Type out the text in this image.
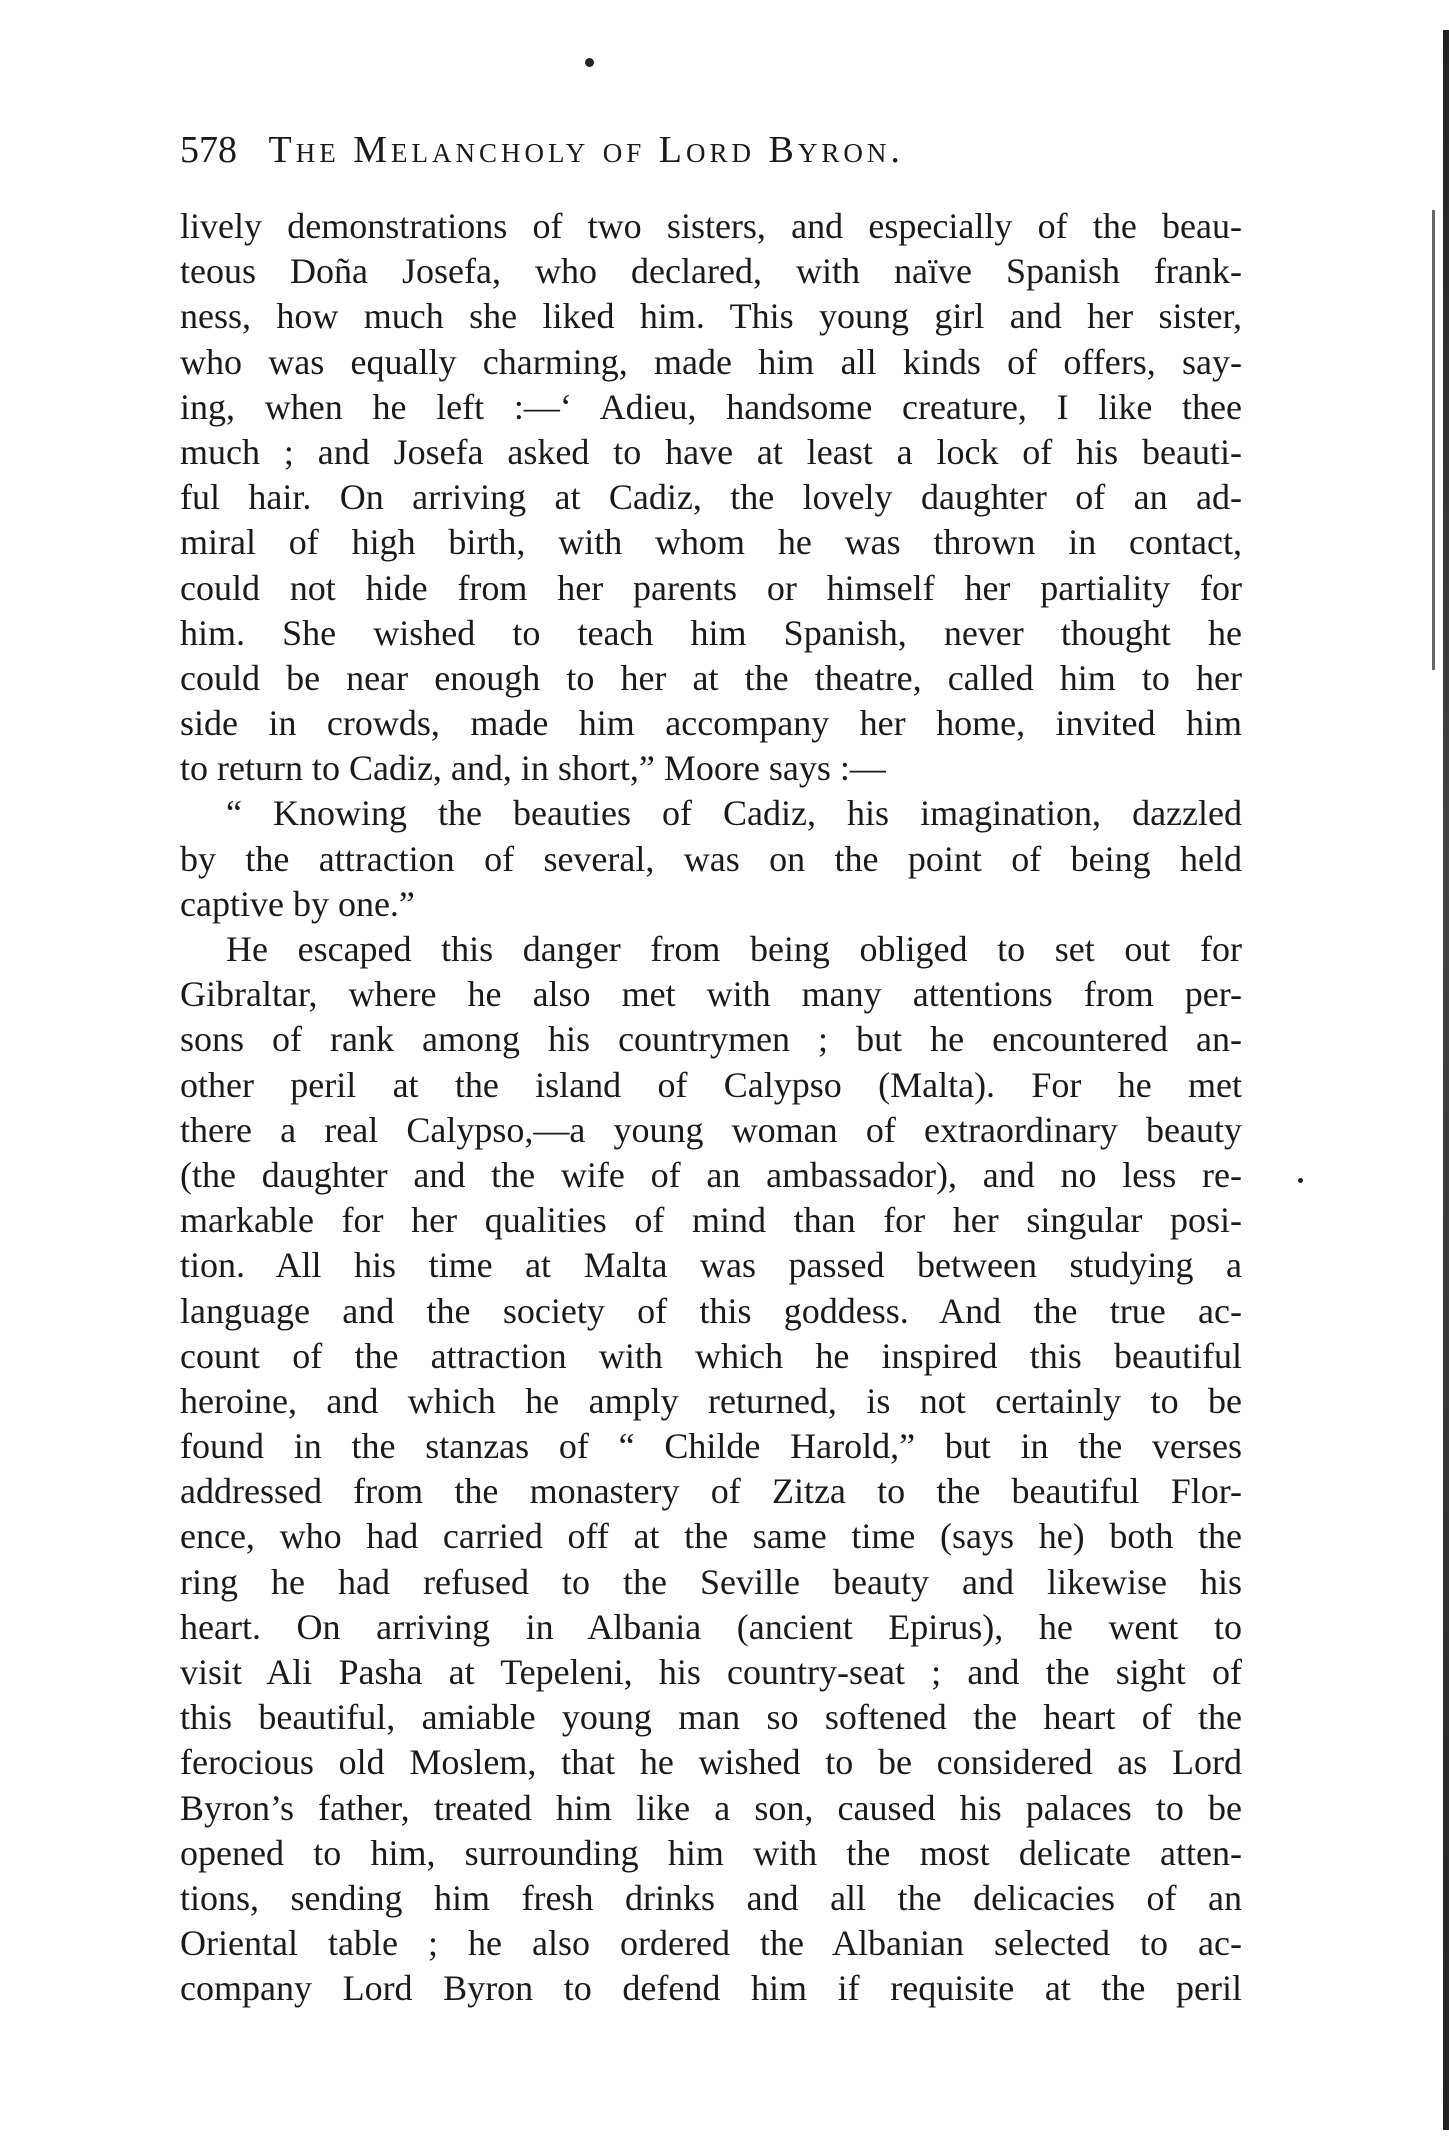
578 The Melancholy of Lord Byron.
lively demonstrations of two sisters, and especially of the beau-
teous Doña Josefa, who declared, with naïve Spanish frank-
ness, how much she liked him. This young girl and her sister,
who was equally charming, made him all kinds of offers, say-
ing, when he left :—‘ Adieu, handsome creature, I like thee
much ; and Josefa asked to have at least a lock of his beauti-
ful hair. On arriving at Cadiz, the lovely daughter of an ad-
miral of high birth, with whom he was thrown in contact,
could not hide from her parents or himself her partiality for
him. She wished to teach him Spanish, never thought he
could be near enough to her at the theatre, called him to her
side in crowds, made him accompany her home, invited him
to return to Cadiz, and, in short,” Moore says :—
“ Knowing the beauties of Cadiz, his imagination, dazzled
by the attraction of several, was on the point of being held
captive by one.”
He escaped this danger from being obliged to set out for
Gibraltar, where he also met with many attentions from per-
sons of rank among his countrymen ; but he encountered an-
other peril at the island of Calypso (Malta). For he met
there a real Calypso,—a young woman of extraordinary beauty
(the daughter and the wife of an ambassador), and no less re-
markable for her qualities of mind than for her singular posi-
tion. All his time at Malta was passed between studying a
language and the society of this goddess. And the true ac-
count of the attraction with which he inspired this beautiful
heroine, and which he amply returned, is not certainly to be
found in the stanzas of “ Childe Harold,” but in the verses
addressed from the monastery of Zitza to the beautiful Flor-
ence, who had carried off at the same time (says he) both the
ring he had refused to the Seville beauty and likewise his
heart. On arriving in Albania (ancient Epirus), he went to
visit Ali Pasha at Tepeleni, his country-seat ; and the sight of
this beautiful, amiable young man so softened the heart of the
ferocious old Moslem, that he wished to be considered as Lord
Byron’s father, treated him like a son, caused his palaces to be
opened to him, surrounding him with the most delicate atten-
tions, sending him fresh drinks and all the delicacies of an
Oriental table ; he also ordered the Albanian selected to ac-
company Lord Byron to defend him if requisite at the peril
